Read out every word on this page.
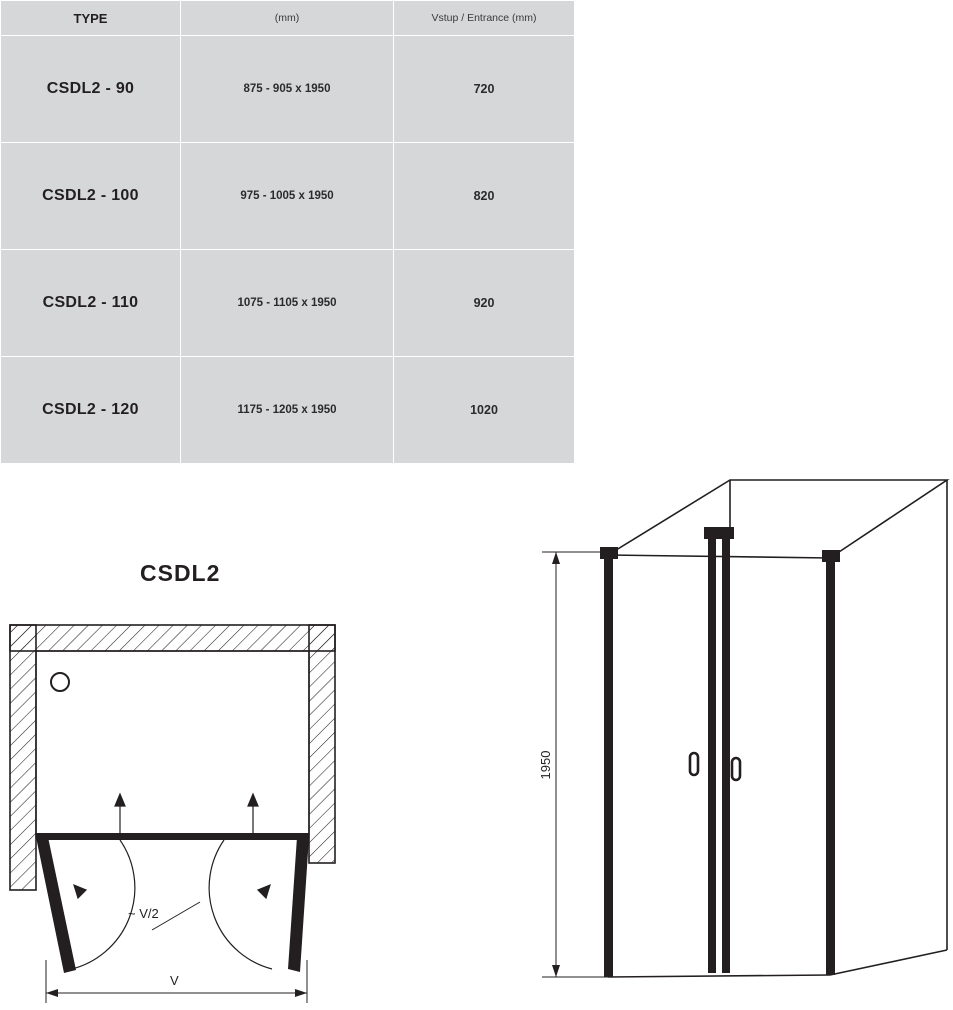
TYPE	(mm)	Vstup / Entrance (mm)
CSDL2 - 90	875 - 905 x 1950	720
CSDL2 - 100	975 - 1005 x 1950	820
CSDL2 - 110	1075 - 1105 x 1950	920
CSDL2 - 120	1175 - 1205 x 1950	1020
CSDL2
~ V/2
V
1950
